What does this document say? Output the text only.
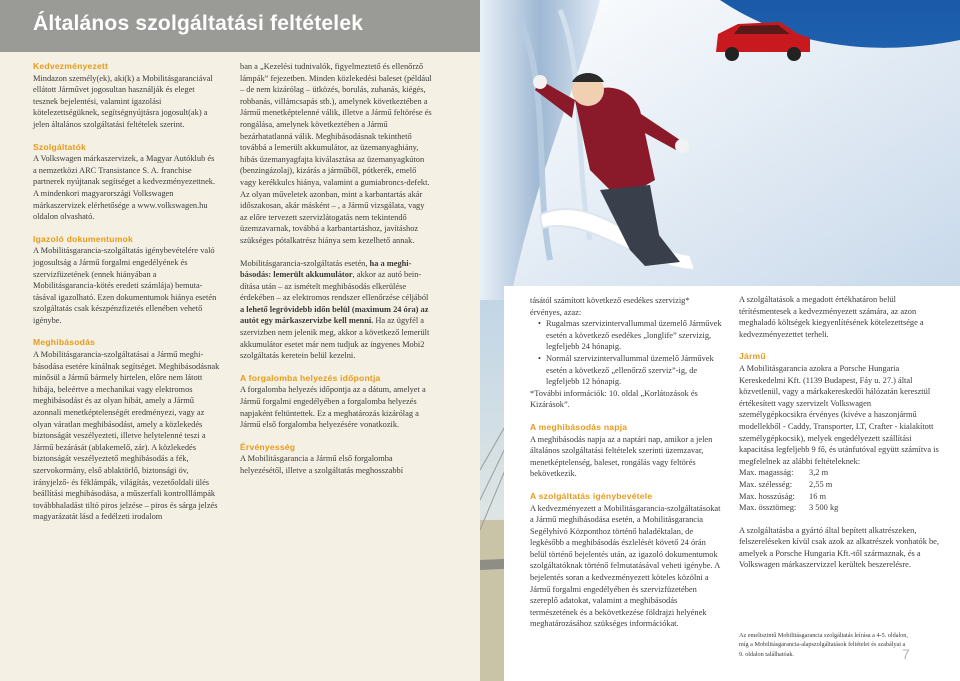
Általános szolgáltatási feltételek

Kedvezményezett

Mindazon személy(ek), aki(k) a Mobilitásgaranciával ellátott Járművet jogosultan használják és eleget tesznek bejelentési, valamint igazolási kötelezettségüknek, segítségnyújtásra jogosult(ak) a jelen általános szolgáltatási feltételek szerint.

Szolgáltatók

A Volkswagen márkaszervizek, a Magyar Autóklub és a nemzetközi ARC Transistance S. A. franchise partnerek nyújtanak segítséget a kedvezményezettnek. A mindenkori magyarországi Volkswagen márkaszervizek elérhetősége a www.volkswagen.hu oldalon olvasható.

Igazoló dokumentumok

A Mobilitásgarancia-szolgáltatás igénybevételére való jogosultság a Jármű forgalmi engedélyének és szervizfüzetének (ennek hiányában a Mobilitásgarancia-kötés eredeti számlája) bemutatásával igazolható. Ezen dokumentumok hiánya esetén szolgáltatás csak készpénzfizetés ellenében vehető igénybe.

Meghibásodás

A Mobilitásgarancia-szolgáltatásai a Jármű meghibásodása esetére kínálnak segítséget. Meghibásodásnak minősül a Jármű bármely hirtelen, előre nem látott hibája, beleértve a mechanikai vagy elektromos meghibásodást és az olyan hibát, amely a Jármű azonnali menetképtelenségét eredményezi, vagy az olyan váratlan meghibásodást, amely a közlekedés biztonságát veszélyezteti, illetve helytelenné teszi a Jármű bezárását (ablakemelő, zár). A közlekedés biztonságát veszélyeztető meghibásodás a fék, szervokormány, első ablaktörlő, biztonsági öv, irányjelző- és féklámpák, világítás, vezetőoldali ülés beállítási meghibásodása, a műszerfali kontrolllámpák továbbhaladást tiltó piros jelzése – piros és sárga jelzés magyarázatát lásd a fedélzeti irodalom

ban a „Kezelési tudnivalók, figyelmeztető és ellenőrző lámpák” fejezetben. Minden közlekedési baleset (például – de nem kizárólag – ütközés, borulás, zuhanás, kiégés, robbanás, villámcsapás stb.), amelynek következtében a Jármű menetképtelenné válik, illetve a Jármű feltörése és rongálása, amelynek következtében a Jármű bezárhatatlanná válik. Meghibásodásnak tekinthető továbbá a lemerült akkumulátor, az üzemanyaghiány, hibás üzemanyagfajta kiválasztása az üzemanyagkúton (benzingázolaj), kizárás a járműből, pótkerék, emelő vagy kerékkulcs hiánya, valamint a gumiabroncs-defekt. Az olyan műveletek azonban, mint a karbantartás akár időszakosan, akár másként – , a Jármű vizsgálata, vagy az előre tervezett szervizlátogatás nem tekintendő üzemzavarnak, továbbá a karbantartáshoz, javításhoz szükséges pótalkatrész hiánya sem kezelhető annak.

Mobilitásgarancia-szolgáltatás esetén, ha a meghibásodás: lemerült akkumulátor, akkor az autó beindítása után – az ismételt meghibásodás elkerülése érdekében – az elektromos rendszer ellenőrzése céljából a lehető legrövidebb időn belül (maximum 24 óra) az autót egy márkaszervizbe kell menni. Ha az ügyfél a szervizben nem jelenik meg, akkor a következő lemerült akkumulátor esetet már nem tudjuk az ingyenes Mobi2 szolgáltatás keretein belül kezelni.

A forgalomba helyezés időpontja

A forgalomba helyezés időpontja az a dátum, amelyet a Jármű forgalmi engedélyében a forgalomba helyezés napjaként feltüntettek. Ez a meghatározás kizárólag a Jármű első forgalomba helyezésére vonatkozik.

Érvényesség

A Mobilitásgarancia a Jármű első forgalomba helyezésétől, illetve a szolgáltatás meghosszabbí

tásától számított következő esedékes szervizig* érvényes, azaz:

• Rugalmas szervizintervallummal üzemelő Járművek esetén a következő esedékes „longlife” szervizig, legfeljebb 24 hónapig.
• Normál szervizintervallummal üzemelő Járművek esetén a következő „ellenőrző szerviz”-ig, de legfeljebb 12 hónapig.

*További információk: 10. oldal „Korlátozások és Kizárások”.

A meghibásodás napja

A meghibásodás napja az a naptári nap, amikor a jelen általános szolgáltatási feltételek szerinti üzemzavar, menetképtelenség, baleset, rongálás vagy feltörés bekövetkezik.

A szolgáltatás igénybevétele

A kedvezményezett a Mobilitásgarancia-szolgáltatásokat a Jármű meghibásodása esetén, a Mobilitásgarancia Segélyhívó Központhoz történő haladéktalan, de legkésőbb a meghibásodás észlelését követő 24 órán belül történő bejelentés után, az igazoló dokumentumok szolgáltatóknak történő felmutatásával veheti igénybe. A bejelentés soran a kedvezményezett köteles közölni a Jármű forgalmi engedélyében és szervizfüzetében szereplő adatokat, valamint a meghibásodás természetének és a bekövetkezése földrajzi helyének meghatározásához szükséges információkat.

A szolgáltatások a megadott értékhatáron belül térítésmentesek a kedvezményezett számára, az azon meghaladó költségek kiegyenlítésének kötelezettsége a kedvezményezettet terheli.

Jármű

A Mobilitásgarancia azokra a Porsche Hungaria Kereskedelmi Kft. (1139 Budapest, Fáy u. 27.) által közvetlenül, vagy a márkakereskedői hálózatán keresztül értékesített vagy szervizelt Volkswagen személygépkocsikra érvényes (kivéve a haszonjármű modellekből - Caddy, Transporter, LT, Crafter - kialakított személygépkocsik), melyek engedélyezett szállítási kapacitása legfeljebb 9 fő, és utánfutóval együtt számítva is megfelelnek az alábbi feltételeknek:

Max. magasság:	3,2 m
Max. szélesség:	2,55 m
Max. hosszúság:	16 m
Max. össztömeg:	3 500 kg

A szolgáltatásba a gyártó által bepített alkatrészeken, felszereléseken kívül csak azok az alkatrészek vonhatók be, amelyek a Porsche Hungaria Kft.-től származnak, és a Volkswagen márkaszervizzel kerültek beszerelésre.

Az emeltszintű Mobilitásgarancia szolgáltatás leírása a 4-5. oldalon, míg a Mobilitásgarancia-alapszolgáltatások feltételei és szabályai a 9. oldalon találhatóak.	7
